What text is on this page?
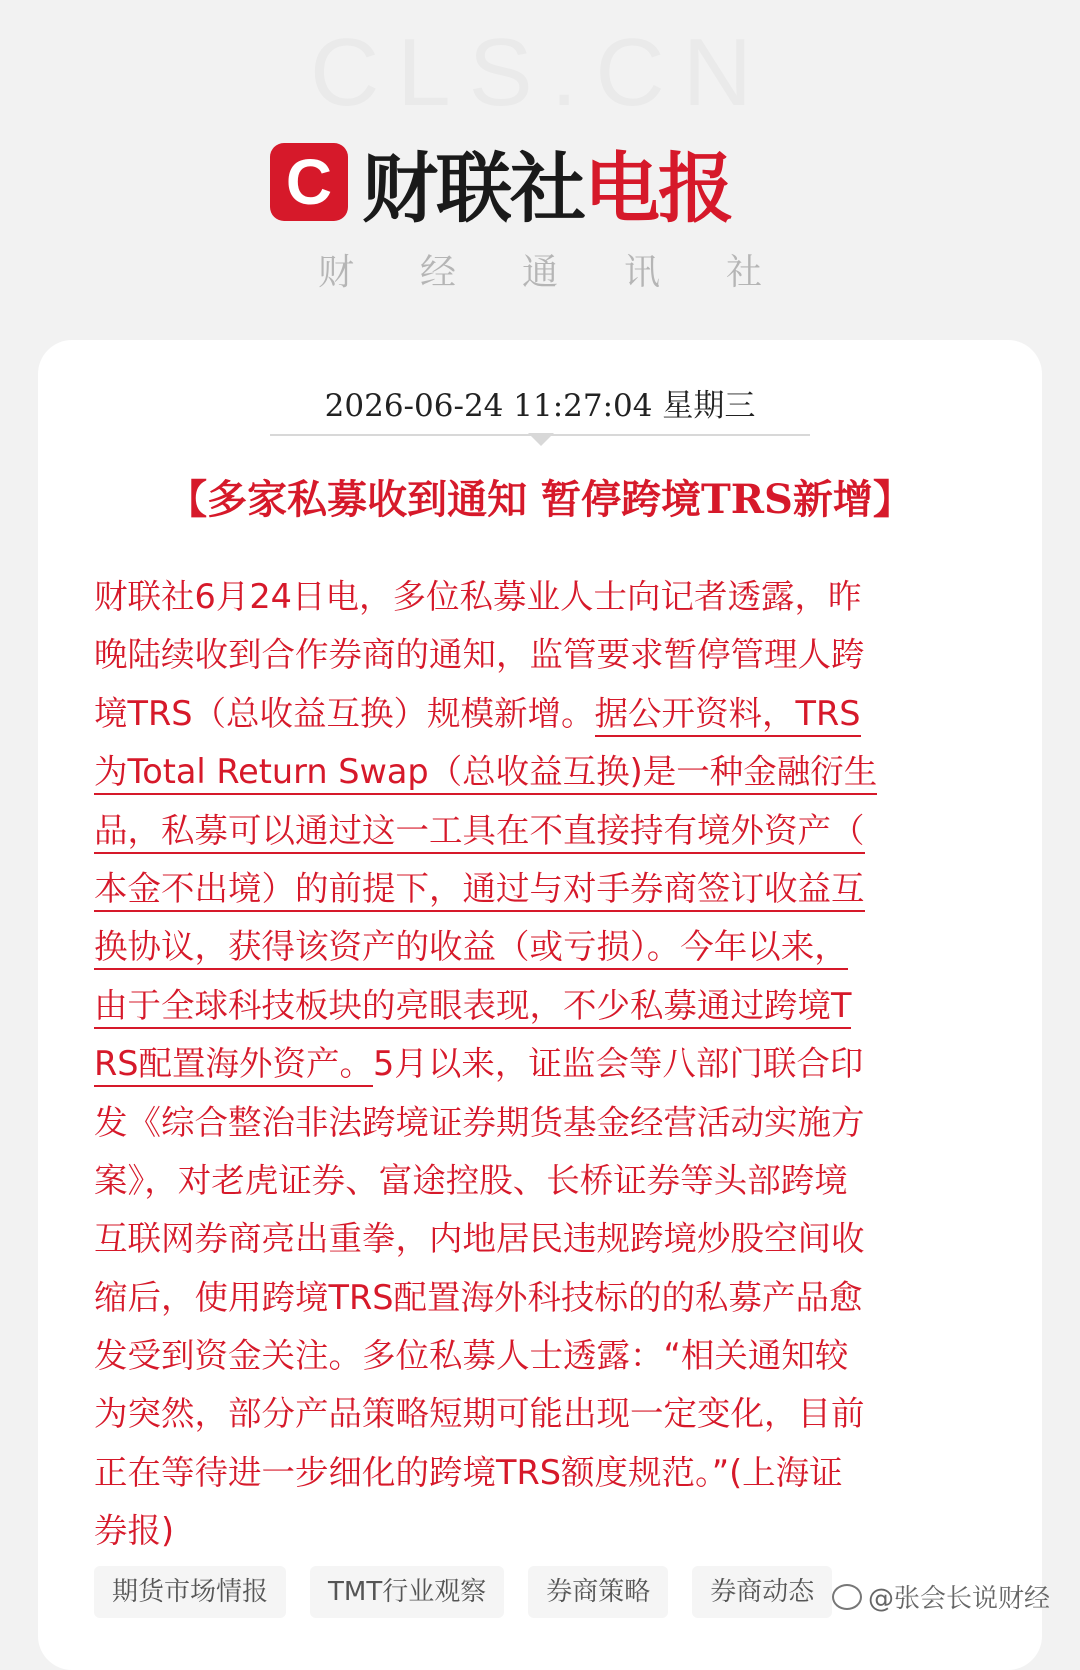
CLS.CN
C 财联社 电报
财经通讯社
2026-06-24 11:27:04 星期三
【多家私募收到通知 暂停跨境TRS新增】
财联社6月24日电，多位私募业人士向记者透露，昨
晚陆续收到合作券商的通知，监管要求暂停管理人跨
境TRS（总收益互换）规模新增。据公开资料，TRS
为Total Return Swap（总收益互换)是一种金融衍生
品，私募可以通过这一工具在不直接持有境外资产（
本金不出境）的前提下，通过与对手券商签订收益互
换协议，获得该资产的收益（或亏损）。今年以来，
由于全球科技板块的亮眼表现，不少私募通过跨境T
RS配置海外资产。5月以来，证监会等八部门联合印
发《综合整治非法跨境证券期货基金经营活动实施方
案》，对老虎证券、富途控股、长桥证券等头部跨境
互联网券商亮出重拳，内地居民违规跨境炒股空间收
缩后，使用跨境TRS配置海外科技标的的私募产品愈
发受到资金关注。多位私募人士透露：“相关通知较
为突然，部分产品策略短期可能出现一定变化，目前
正在等待进一步细化的跨境TRS额度规范。”(上海证
券报)
期货市场情报	TMT行业观察	券商策略	券商动态	@张会长说财经
